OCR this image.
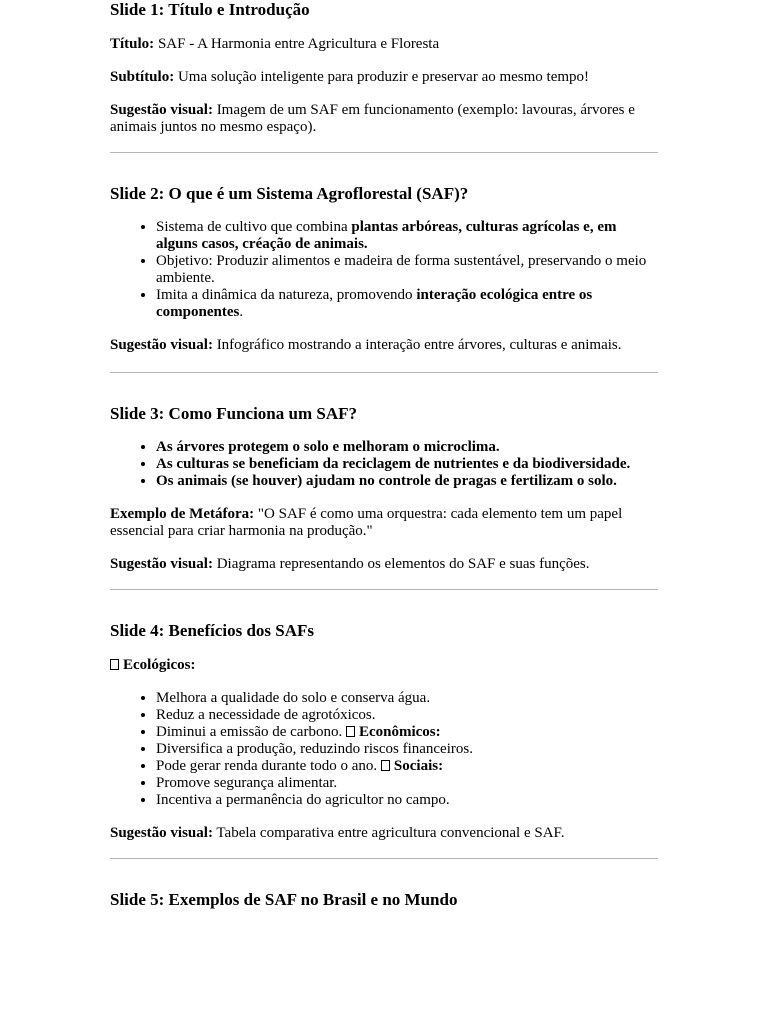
Slide 1: Título e Introdução

Título: SAF - A Harmonia entre Agricultura e Floresta

Subtítulo: Uma solução inteligente para produzir e preservar ao mesmo tempo!

Sugestão visual: Imagem de um SAF em funcionamento (exemplo: lavouras, árvores e animais juntos no mesmo espaço).

Slide 2: O que é um Sistema Agroflorestal (SAF)?
• Sistema de cultivo que combina plantas arbóreas, culturas agrícolas e, em alguns casos, créação de animais.
• Objetivo: Produzir alimentos e madeira de forma sustentável, preservando o meio ambiente.
• Imita a dinâmica da natureza, promovendo interação ecológica entre os componentes.

Sugestão visual: Infográfico mostrando a interação entre árvores, culturas e animais.

Slide 3: Como Funciona um SAF?
• As árvores protegem o solo e melhoram o microclima.
• As culturas se beneficiam da reciclagem de nutrientes e da biodiversidade.
• Os animais (se houver) ajudam no controle de pragas e fertilizam o solo.

Exemplo de Metáfora: "O SAF é como uma orquestra: cada elemento tem um papel essencial para criar harmonia na produção."

Sugestão visual: Diagrama representando os elementos do SAF e suas funções.

Slide 4: Benefícios dos SAFs

Ecológicos:

• Melhora a qualidade do solo e conserva água.
• Reduz a necessidade de agrotóxicos.
• Diminui a emissão de carbono. Econômicos:
• Diversifica a produção, reduzindo riscos financeiros.
• Pode gerar renda durante todo o ano. Sociais:
• Promove segurança alimentar.
• Incentiva a permanência do agricultor no campo.

Sugestão visual: Tabela comparativa entre agricultura convencional e SAF.

Slide 5: Exemplos de SAF no Brasil e no Mundo
